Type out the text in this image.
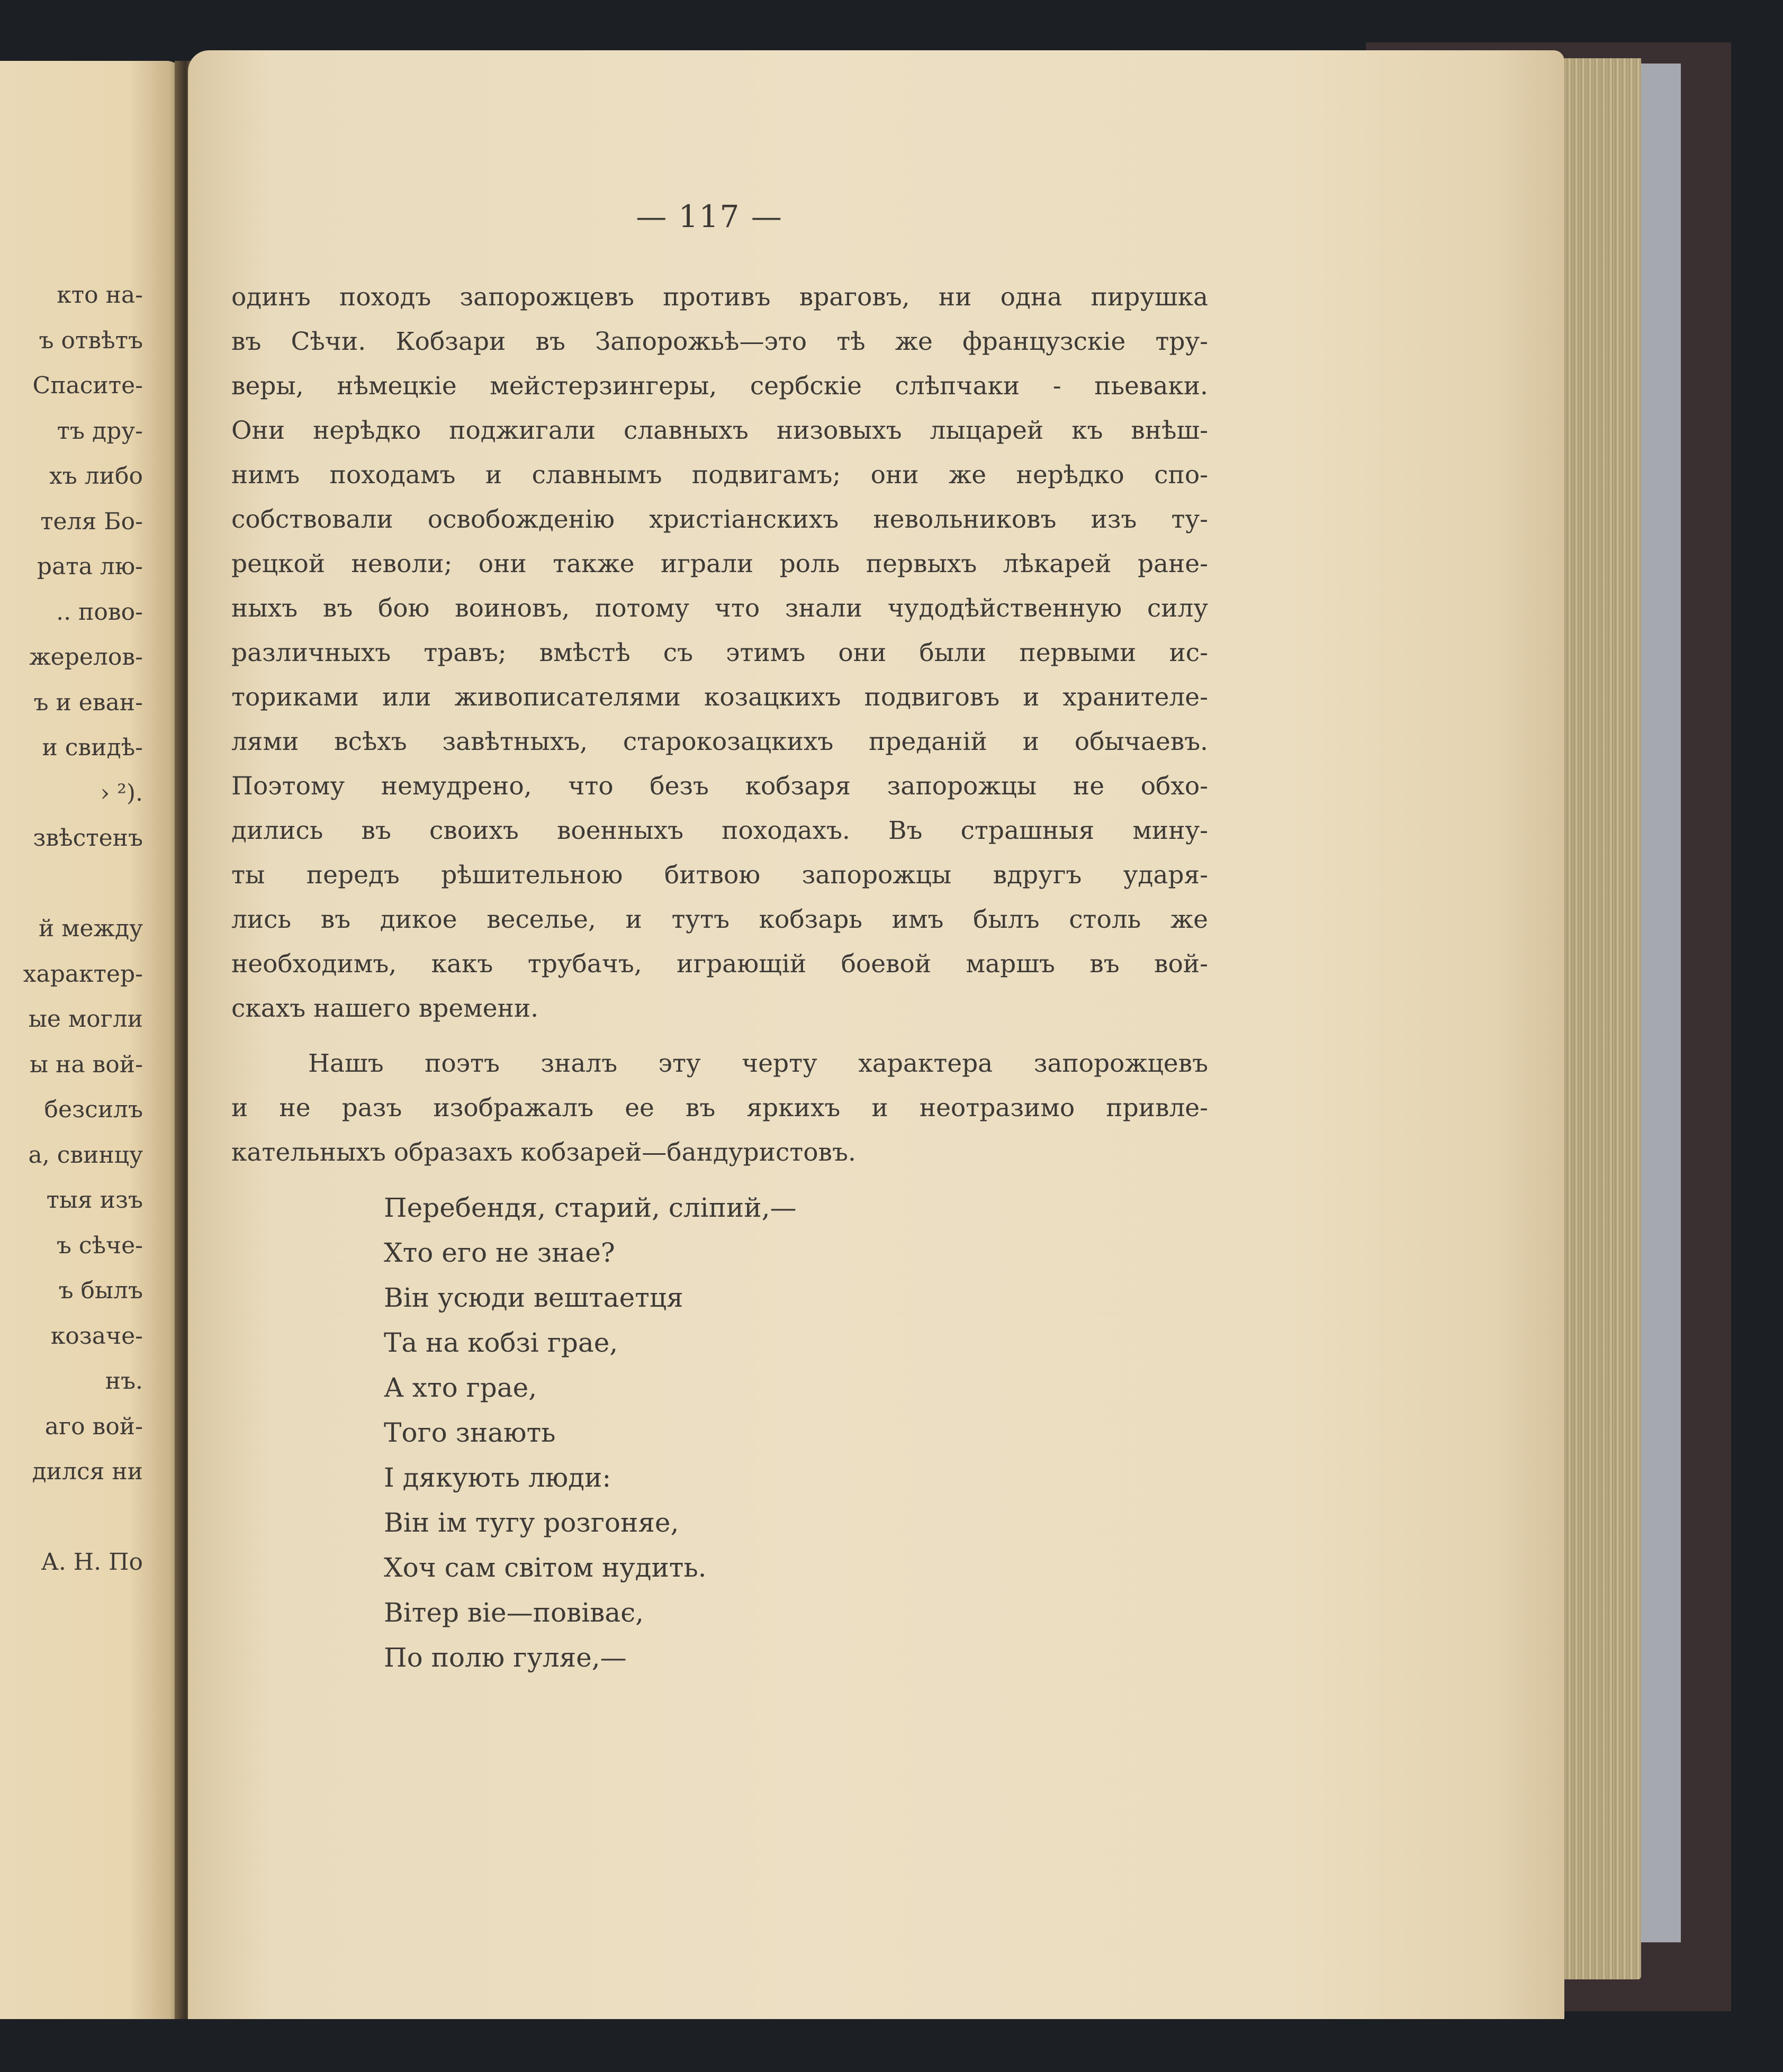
кто на-
ъ отвѣтъ
Спасите-
тъ дру-
хъ либо
теля Бо-
рата лю-
.. пово-
жерелов-
ъ и еван-
и свидѣ-
› ²).
звѣстенъ
й между
характер-
ые могли
ы на вой-
безсилъ
а, свинцу
тыя изъ
ъ сѣче-
ъ былъ
козаче-
нъ.
аго вой-
дился ни
А. Н. По
— 117 —
одинъ походъ запорожцевъ противъ враговъ, ни одна пирушка
въ Сѣчи. Кобзари въ Запорожьѣ—это тѣ же французскіе тру-
веры, нѣмецкіе мейстерзингеры, сербскіе слѣпчаки - пьеваки.
Они нерѣдко поджигали славныхъ низовыхъ лыцарей къ внѣш-
нимъ походамъ и славнымъ подвигамъ; они же нерѣдко спо-
собствовали освобожденію христіанскихъ невольниковъ изъ ту-
рецкой неволи; они также играли роль первыхъ лѣкарей ране-
ныхъ въ бою воиновъ, потому что знали чудодѣйственную силу
различныхъ травъ; вмѣстѣ съ этимъ они были первыми ис-
ториками или живописателями козацкихъ подвиговъ и хранителе-
лями всѣхъ завѣтныхъ, старокозацкихъ преданій и обычаевъ.
Поэтому немудрено, что безъ кобзаря запорожцы не обхо-
дились въ своихъ военныхъ походахъ. Въ страшныя мину-
ты передъ рѣшительною битвою запорожцы вдругъ ударя-
лись въ дикое веселье, и тутъ кобзарь имъ былъ столь же
необходимъ, какъ трубачъ, играющій боевой маршъ въ вой-
скахъ нашего времени.
Нашъ поэтъ зналъ эту черту характера запорожцевъ
и не разъ изображалъ ее въ яркихъ и неотразимо привле-
кательныхъ образахъ кобзарей—бандуристовъ.
Перебендя, старий, сліпий,—
Хто его не знае?
Він усюди вештаетця
Та на кобзі грае,
А хто грае,
Того знають
І дякують люди:
Він ім тугу розгоняе,
Хоч сам світом нудить.
Вітер віе—повіває,
По полю гуляе,—
